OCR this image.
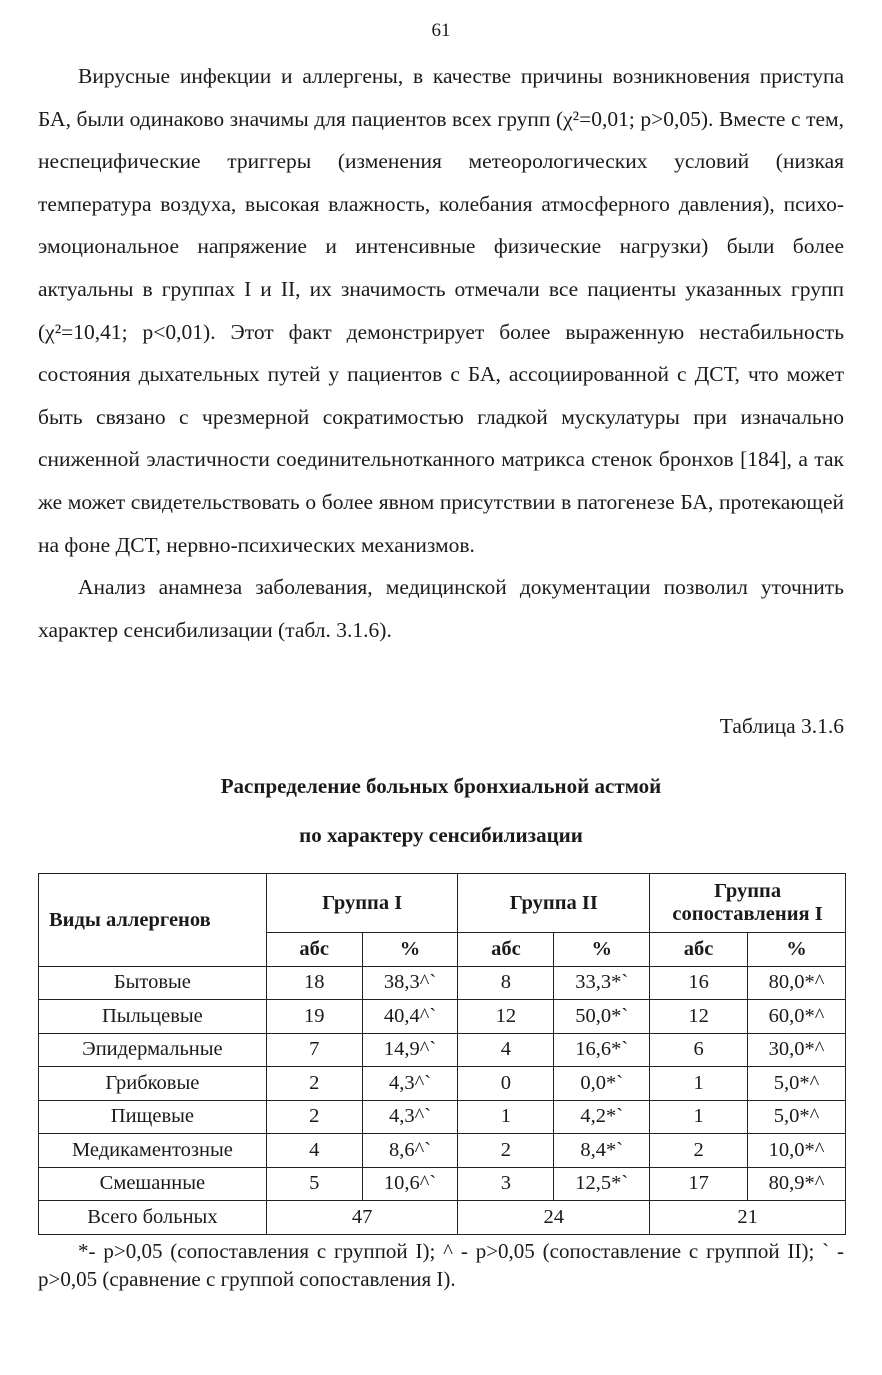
61

Вирусные инфекции и аллергены, в качестве причины возникновения приступа БА, были одинаково значимы для пациентов всех групп (χ²=0,01; р>0,05). Вместе с тем, неспецифические триггеры (изменения метеорологических условий (низкая температура воздуха, высокая влажность, колебания атмосферного давления), психо-эмоциональное напряжение и интенсивные физические нагрузки) были более актуальны в группах I и II, их значимость отмечали все пациенты указанных групп (χ²=10,41; р<0,01). Этот факт демонстрирует более выраженную нестабильность состояния дыхательных путей у пациентов с БА, ассоциированной с ДСТ, что может быть связано с чрезмерной сократимостью гладкой мускулатуры при изначально сниженной эластичности соединительнотканного матрикса стенок бронхов [184], а так же может свидетельствовать о более явном присутствии в патогенезе БА, протекающей на фоне ДСТ, нервно-психических механизмов.

Анализ анамнеза заболевания, медицинской документации позволил уточнить характер сенсибилизации (табл. 3.1.6).

Таблица 3.1.6
Распределение больных бронхиальной астмой
по характеру сенсибилизации
Виды аллергенов	Группа I		Группа II		Группа сопоставления I	
	абс	%	абс	%	абс	%
Бытовые	18	38,3^`	8	33,3*`	16	80,0*^
Пыльцевые	19	40,4^`	12	50,0*`	12	60,0*^
Эпидермальные	7	14,9^`	4	16,6*`	6	30,0*^
Грибковые	2	4,3^`	0	0,0*`	1	5,0*^
Пищевые	2	4,3^`	1	4,2*`	1	5,0*^
Медикаментозные	4	8,6^`	2	8,4*`	2	10,0*^
Смешанные	5	10,6^`	3	12,5*`	17	80,9*^
Всего больных	47		24		21	
*- р>0,05 (сопоставления с группой I); ^ - р>0,05 (сопоставление с группой II); ` - р>0,05 (сравнение с группой сопоставления I).
